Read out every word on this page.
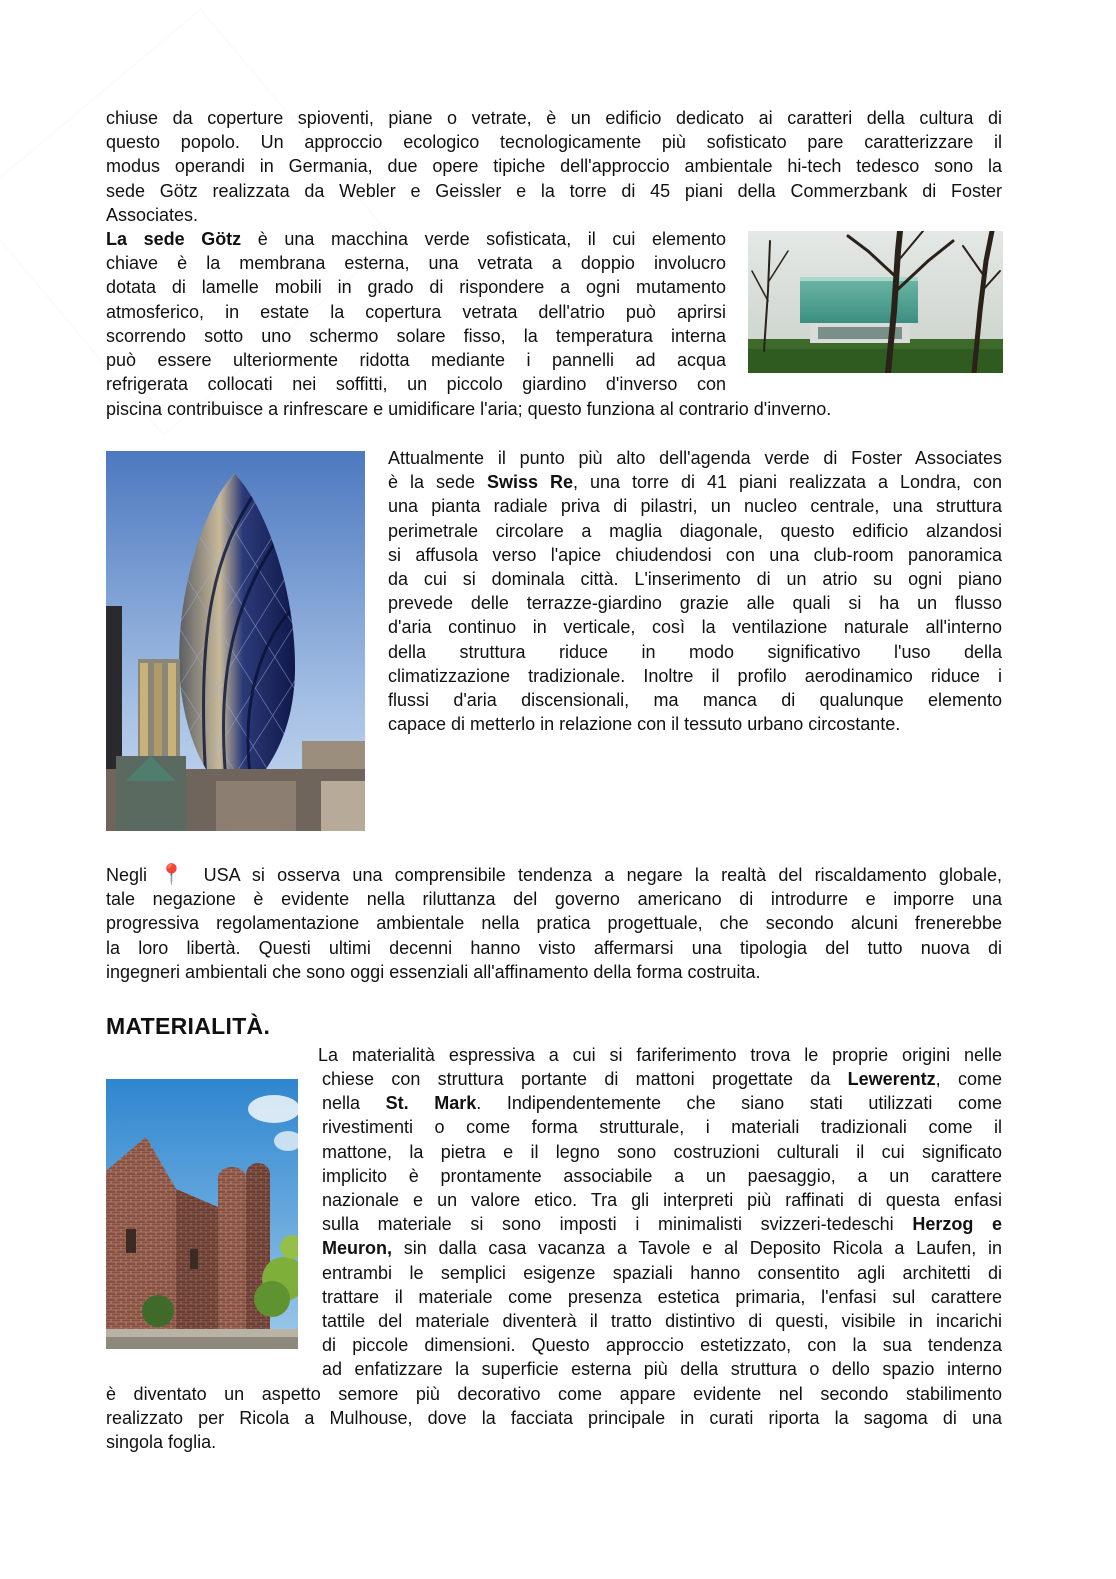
chiuse da coperture spioventi, piane o vetrate, è un edificio dedicato ai caratteri della cultura di
questo popolo. Un approccio ecologico tecnologicamente più sofisticato pare caratterizzare il
modus operandi in Germania, due opere tipiche dell'approccio ambientale hi-tech tedesco sono la
sede Götz realizzata da Webler e Geissler e la torre di 45 piani della Commerzbank di Foster
Associates.
La sede Götz è una macchina verde sofisticata, il cui elemento
chiave è la membrana esterna, una vetrata a doppio involucro
dotata di lamelle mobili in grado di rispondere a ogni mutamento
atmosferico, in estate la copertura vetrata dell'atrio può aprirsi
scorrendo sotto uno schermo solare fisso, la temperatura interna
può essere ulteriormente ridotta mediante i pannelli ad acqua
refrigerata collocati nei soffitti, un piccolo giardino d'inverso con
piscina contribuisce a rinfrescare e umidificare l'aria; questo funziona al contrario d'inverno.
Attualmente il punto più alto dell'agenda verde di Foster Associates
è la sede Swiss Re, una torre di 41 piani realizzata a Londra, con
una pianta radiale priva di pilastri, un nucleo centrale, una struttura
perimetrale circolare a maglia diagonale, questo edificio alzandosi
si affusola verso l'apice chiudendosi con una club-room panoramica
da cui si dominala città. L'inserimento di un atrio su ogni piano
prevede delle terrazze-giardino grazie alle quali si ha un flusso
d'aria continuo in verticale, così la ventilazione naturale all'interno
della struttura riduce in modo significativo l'uso della
climatizzazione tradizionale. Inoltre il profilo aerodinamico riduce i
flussi d'aria discensionali, ma manca di qualunque elemento
capace di metterlo in relazione con il tessuto urbano circostante.
Negli 📍 USA si osserva una comprensibile tendenza a negare la realtà del riscaldamento globale,
tale negazione è evidente nella riluttanza del governo americano di introdurre e imporre una
progressiva regolamentazione ambientale nella pratica progettuale, che secondo alcuni frenerebbe
la loro libertà. Questi ultimi decenni hanno visto affermarsi una tipologia del tutto nuova di
ingegneri ambientali che sono oggi essenziali all'affinamento della forma costruita.
MATERIALITÀ.
La materialità espressiva a cui si fariferimento trova le proprie origini nelle
chiese con struttura portante di mattoni progettate da Lewerentz, come
nella St. Mark. Indipendentemente che siano stati utilizzati come
rivestimenti o come forma strutturale, i materiali tradizionali come il
mattone, la pietra e il legno sono costruzioni culturali il cui significato
implicito è prontamente associabile a un paesaggio, a un carattere
nazionale e un valore etico. Tra gli interpreti più raffinati di questa enfasi
sulla materiale si sono imposti i minimalisti svizzeri-tedeschi Herzog e
Meuron, sin dalla casa vacanza a Tavole e al Deposito Ricola a Laufen, in
entrambi le semplici esigenze spaziali hanno consentito agli architetti di
trattare il materiale come presenza estetica primaria, l'enfasi sul carattere
tattile del materiale diventerà il tratto distintivo di questi, visibile in incarichi
di piccole dimensioni. Questo approccio estetizzato, con la sua tendenza
ad enfatizzare la superficie esterna più della struttura o dello spazio interno
è diventato un aspetto semore più decorativo come appare evidente nel secondo stabilimento
realizzato per Ricola a Mulhouse, dove la facciata principale in curati riporta la sagoma di una
singola foglia.
